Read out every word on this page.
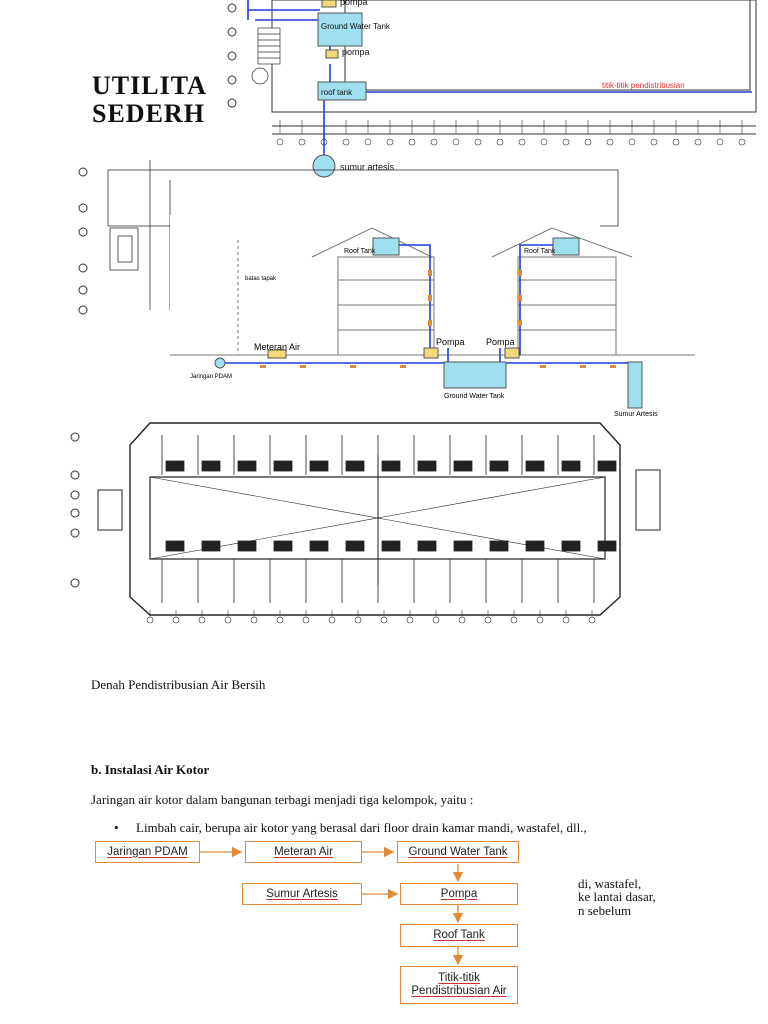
UTILITA
SEDERH
pompa
Ground Water Tank
pompa
roof tank
titik-titik pendistribusian
sumur artesis
Roof Tank	Roof Tank
batas tapak
Meteran Air	Pompa Pompa
Jaringan PDAM
Ground Water Tank
Sumur Artesis
Denah Pendistribusian Air Bersih
b. Instalasi Air Kotor
Jaringan air kotor dalam bangunan terbagi menjadi tiga kelompok, yaitu :
• Limbah cair, berupa air kotor yang berasal dari floor drain kamar mandi, wastafel, dll.,
di, wastafel,
ke lantai dasar,
n sebelum
Jaringan PDAM	Meteran Air	Ground Water Tank
Sumur Artesis	Pompa
Roof Tank
Titik-titik
Pendistribusian Air
